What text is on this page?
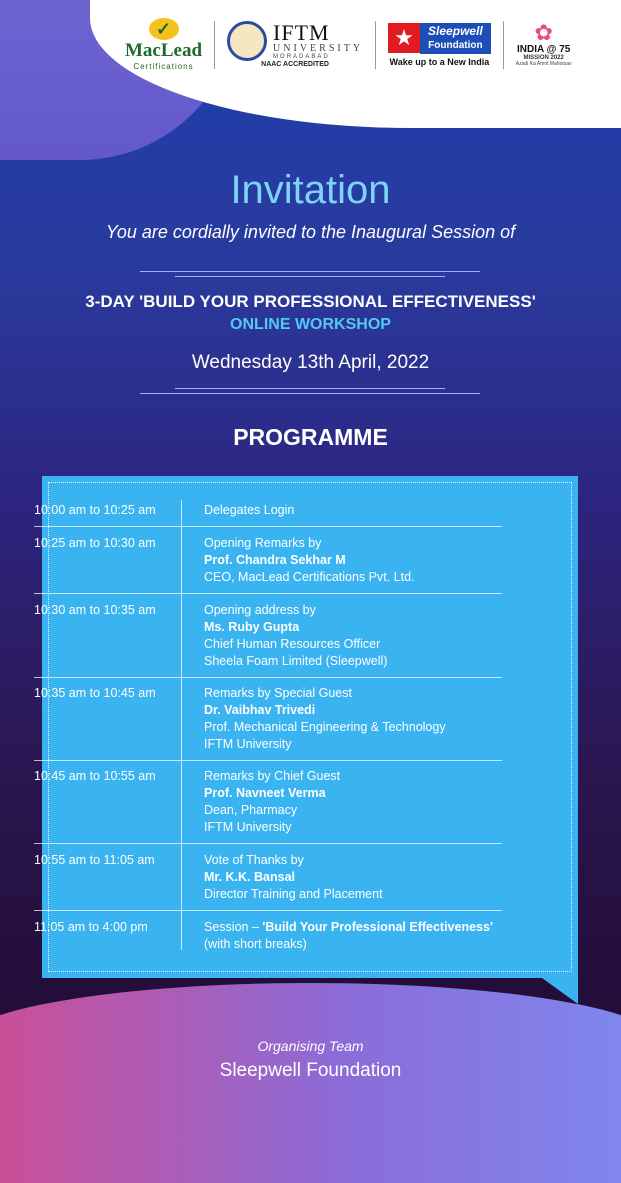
✓
MacLead
Certifications
IFTM
UNIVERSITY
MORADABAD
NAAC ACCREDITED
★	Sleepwell
Foundation
Wake up to a New India
✿
INDIA @ 75
MISSION 2022
Azadi Ka Amrit Mahotsav
Invitation
You are cordially invited to the Inaugural Session of
3-DAY 'BUILD YOUR PROFESSIONAL EFFECTIVENESS'
ONLINE WORKSHOP
Wednesday 13th April, 2022
PROGRAMME
10:00 am to 10:25 am	Delegates Login
10:25 am to 10:30 am	Opening Remarks by
Prof. Chandra Sekhar M
CEO, MacLead Certifications Pvt. Ltd.
10:30 am to 10:35 am	Opening address by
Ms. Ruby Gupta
Chief Human Resources Officer
Sheela Foam Limited (Sleepwell)
10:35 am to 10:45 am	Remarks by Special Guest
Dr. Vaibhav Trivedi
Prof. Mechanical Engineering & Technology
IFTM University
10:45 am to 10:55 am	Remarks by Chief Guest
Prof. Navneet Verma
Dean, Pharmacy
IFTM University
10:55 am to 11:05 am	Vote of Thanks by
Mr. K.K. Bansal
Director Training and Placement
11:05 am to 4:00 pm	Session – 'Build Your Professional Effectiveness'
(with short breaks)
Organising Team
Sleepwell Foundation
